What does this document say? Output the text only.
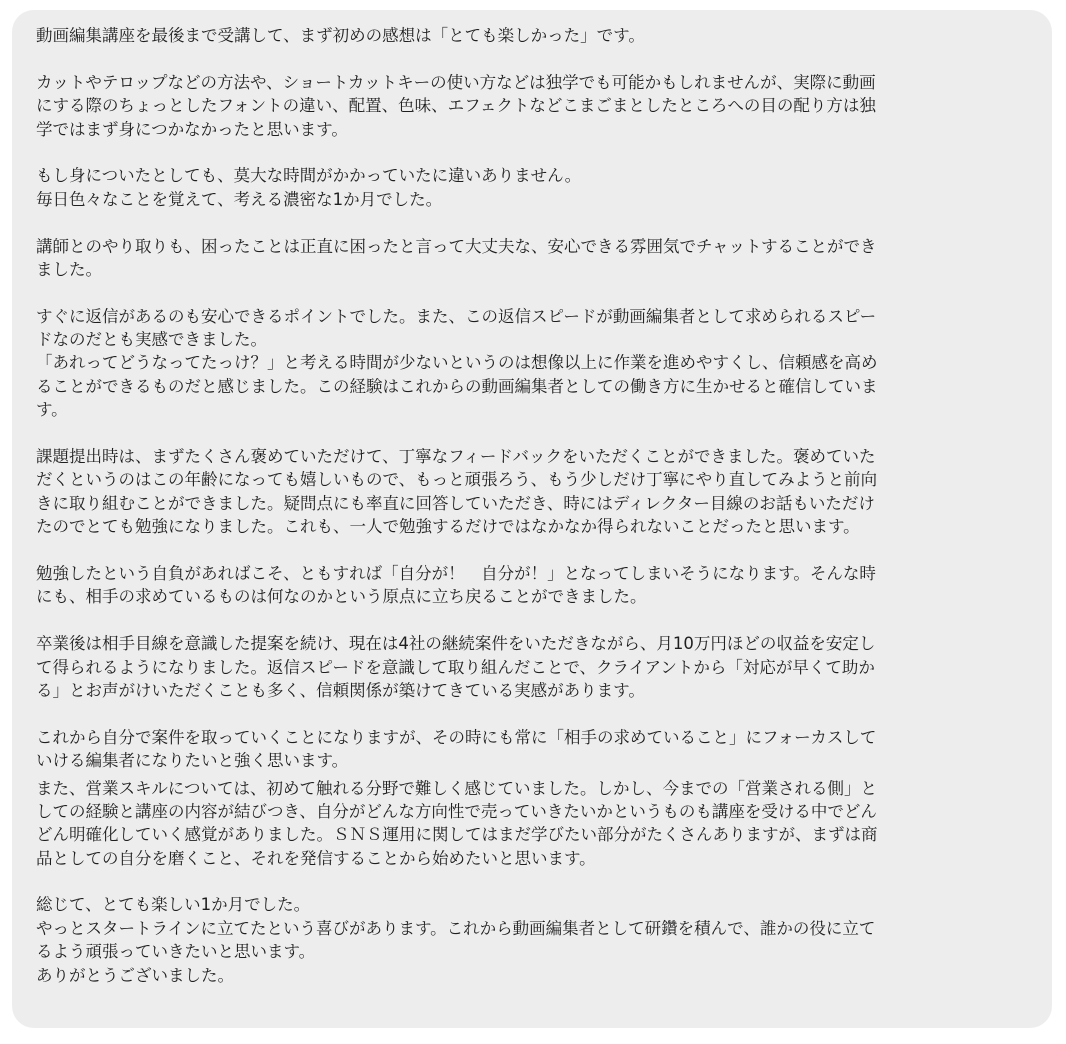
動画編集講座を最後まで受講して、まず初めの感想は「とても楽しかった」です。
カットやテロップなどの方法や、ショートカットキーの使い方などは独学でも可能かもしれませんが、実際に動画
にする際のちょっとしたフォントの違い、配置、色味、エフェクトなどこまごまとしたところへの目の配り方は独
学ではまず身につかなかったと思います。
もし身についたとしても、莫大な時間がかかっていたに違いありません。
毎日色々なことを覚えて、考える濃密な1か月でした。
講師とのやり取りも、困ったことは正直に困ったと言って大丈夫な、安心できる雰囲気でチャットすることができ
ました。
すぐに返信があるのも安心できるポイントでした。また、この返信スピードが動画編集者として求められるスピー
ドなのだとも実感できました。
「あれってどうなってたっけ？」と考える時間が少ないというのは想像以上に作業を進めやすくし、信頼感を高め
ることができるものだと感じました。この経験はこれからの動画編集者としての働き方に生かせると確信していま
す。
課題提出時は、まずたくさん褒めていただけて、丁寧なフィードバックをいただくことができました。褒めていた
だくというのはこの年齢になっても嬉しいもので、もっと頑張ろう、もう少しだけ丁寧にやり直してみようと前向
きに取り組むことができました。疑問点にも率直に回答していただき、時にはディレクター目線のお話もいただけ
たのでとても勉強になりました。これも、一人で勉強するだけではなかなか得られないことだったと思います。
勉強したという自負があればこそ、ともすれば「自分が！　自分が！」となってしまいそうになります。そんな時
にも、相手の求めているものは何なのかという原点に立ち戻ることができました。
卒業後は相手目線を意識した提案を続け、現在は4社の継続案件をいただきながら、月10万円ほどの収益を安定し
て得られるようになりました。返信スピードを意識して取り組んだことで、クライアントから「対応が早くて助か
る」とお声がけいただくことも多く、信頼関係が築けてきている実感があります。
これから自分で案件を取っていくことになりますが、その時にも常に「相手の求めていること」にフォーカスして
いける編集者になりたいと強く思います。
また、営業スキルについては、初めて触れる分野で難しく感じていました。しかし、今までの「営業される側」と
しての経験と講座の内容が結びつき、自分がどんな方向性で売っていきたいかというものも講座を受ける中でどん
どん明確化していく感覚がありました。ＳＮＳ運用に関してはまだ学びたい部分がたくさんありますが、まずは商
品としての自分を磨くこと、それを発信することから始めたいと思います。
総じて、とても楽しい1か月でした。
やっとスタートラインに立てたという喜びがあります。これから動画編集者として研鑽を積んで、誰かの役に立て
るよう頑張っていきたいと思います。
ありがとうございました。
